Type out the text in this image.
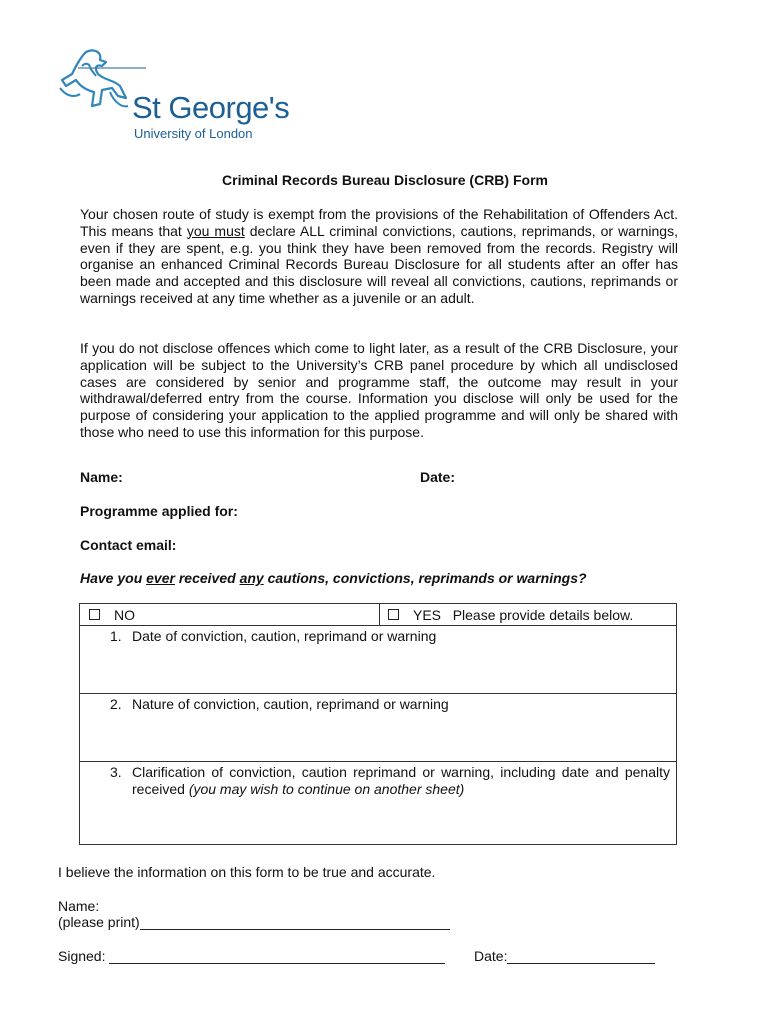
St George's
University of London
Criminal Records Bureau Disclosure (CRB) Form
Your chosen route of study is exempt from the provisions of the Rehabilitation of Offenders Act. This means that you must declare ALL criminal convictions, cautions, reprimands, or warnings, even if they are spent, e.g. you think they have been removed from the records. Registry will organise an enhanced Criminal Records Bureau Disclosure for all students after an offer has been made and accepted and this disclosure will reveal all convictions, cautions, reprimands or warnings received at any time whether as a juvenile or an adult.
If you do not disclose offences which come to light later, as a result of the CRB Disclosure, your application will be subject to the University’s CRB panel procedure by which all undisclosed cases are considered by senior and programme staff, the outcome may result in your withdrawal/deferred entry from the course. Information you disclose will only be used for the purpose of considering your application to the applied programme and will only be shared with those who need to use this information for this purpose.
Name:	Date:
Programme applied for:
Contact email:
Have you ever received any cautions, convictions, reprimands or warnings?
NO	YES Please provide details below.
1. Date of conviction, caution, reprimand or warning
2. Nature of conviction, caution, reprimand or warning
3. Clarification of conviction, caution reprimand or warning, including date and penalty received (you may wish to continue on another sheet)
I believe the information on this form to be true and accurate.
Name:
(please print)
Signed:	Date:
